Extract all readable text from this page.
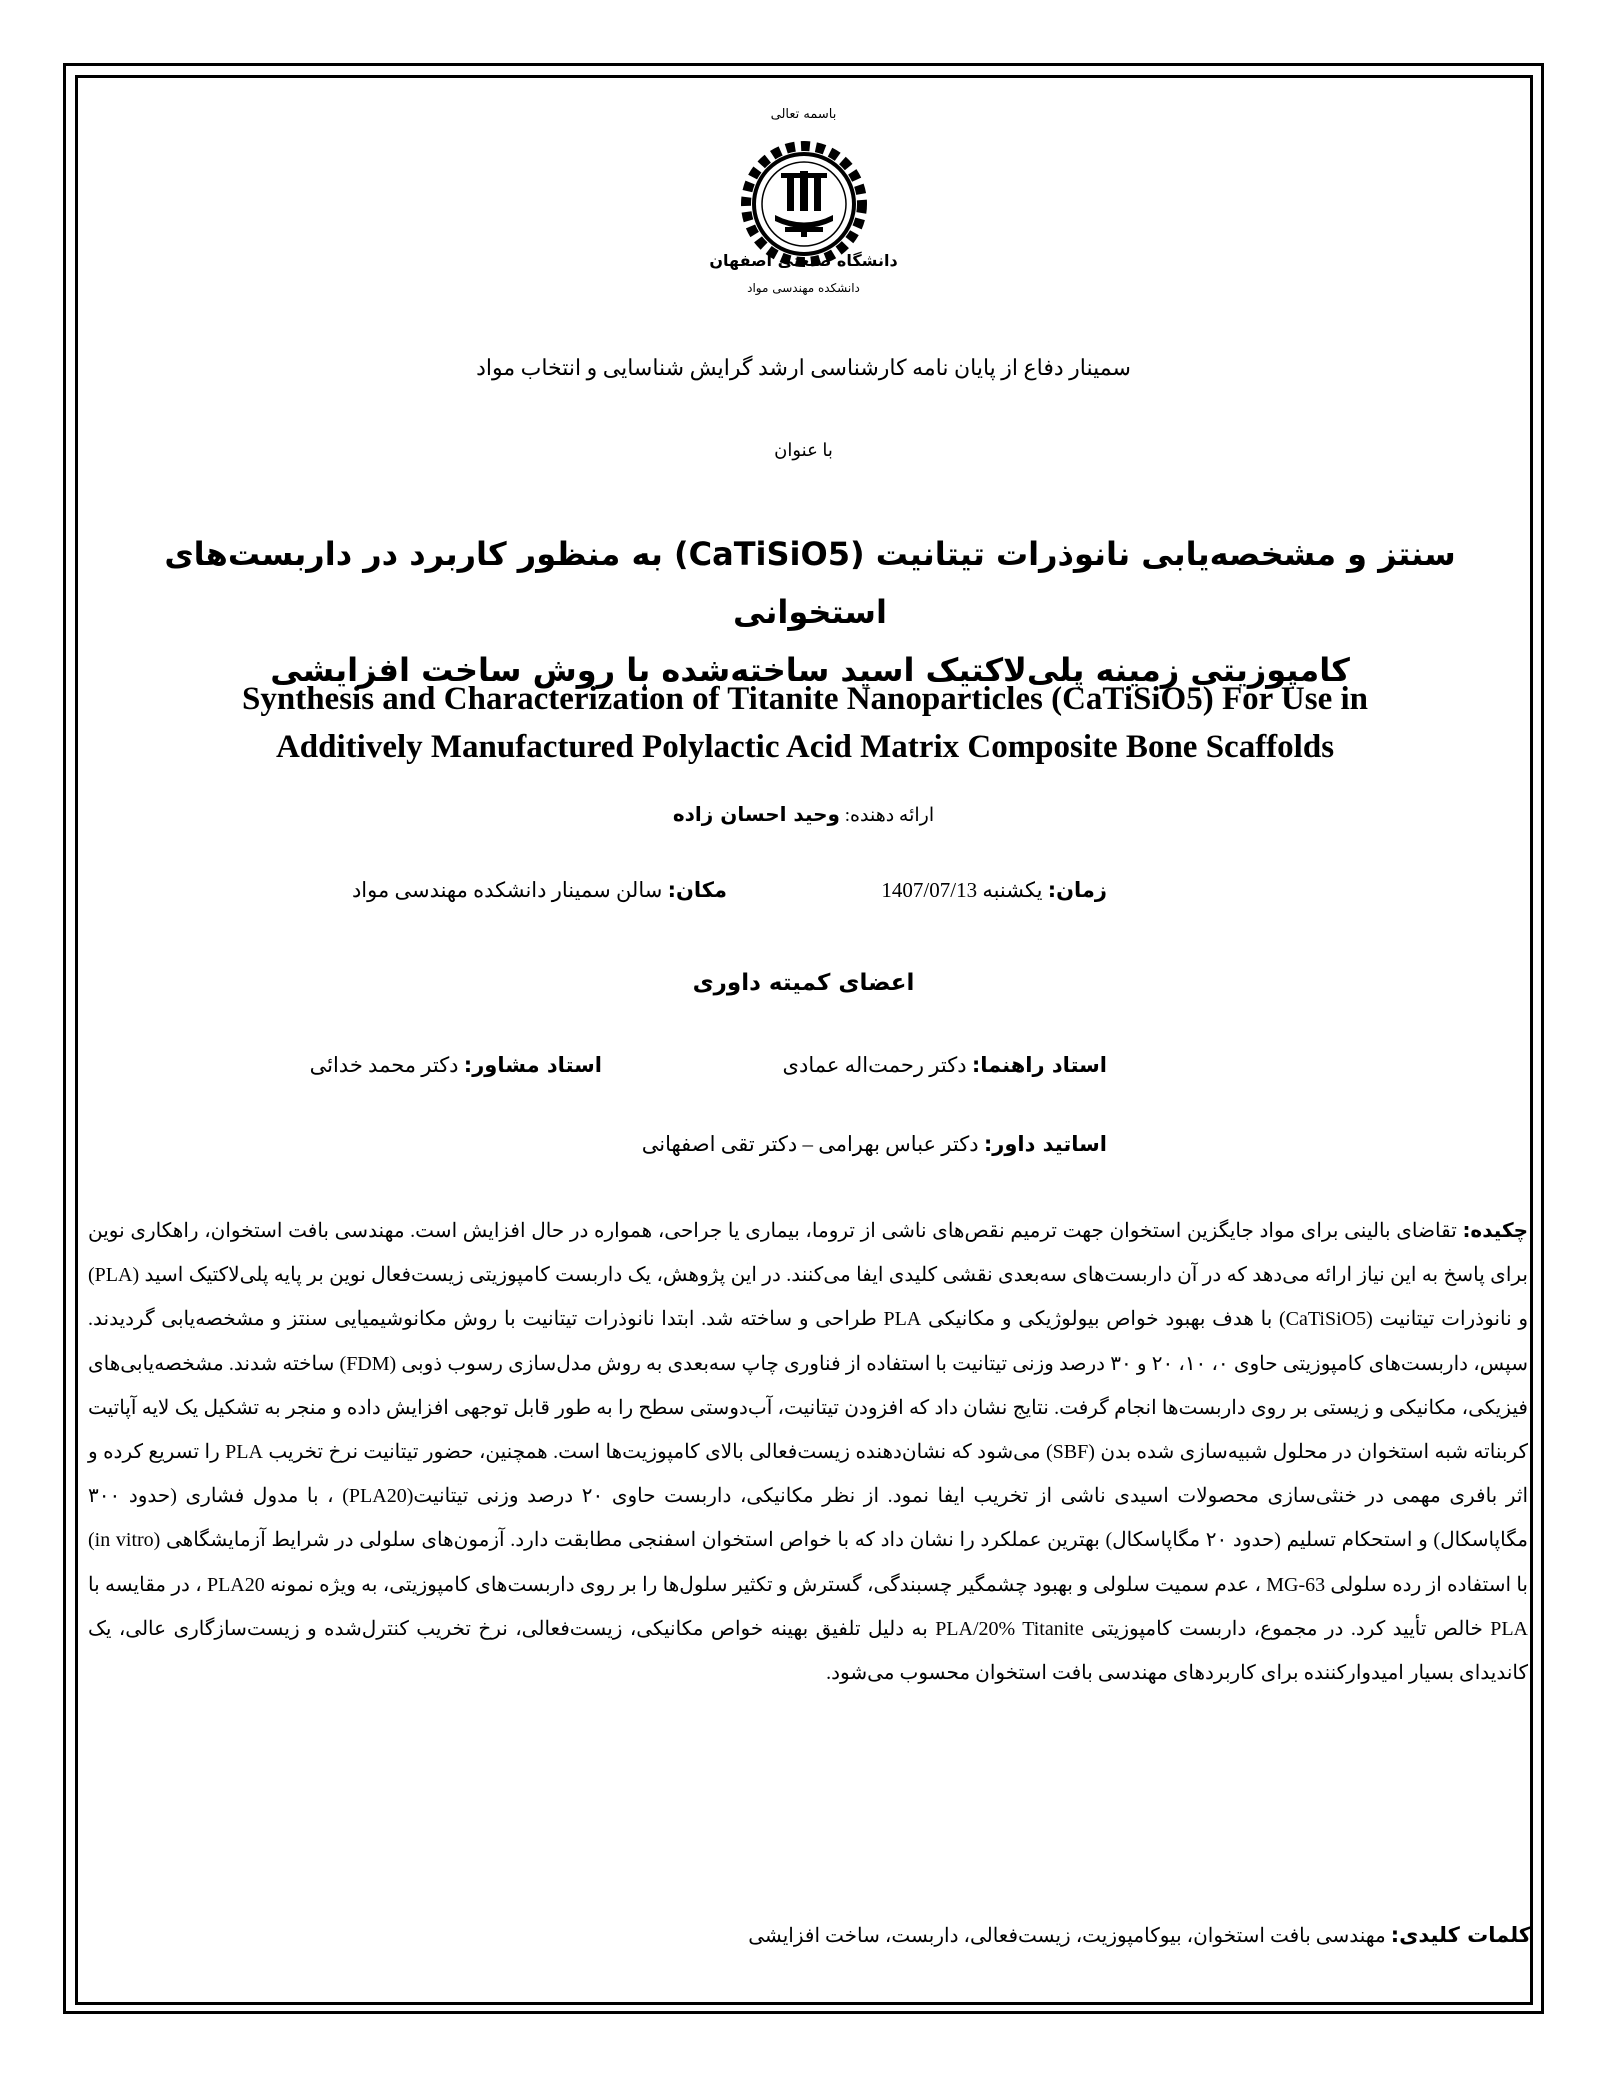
باسمه تعالی
دانشگاه صنعتی اصفهان
دانشکده مهندسی مواد
سمینار دفاع از پایان نامه کارشناسی ارشد گرایش شناسایی و انتخاب مواد
با عنوان
سنتز و مشخصه‌یابی نانوذرات تیتانیت (CaTiSiO5) به منظور کاربرد در داربست‌های استخوانی
کامپوزیتی زمینه پلی‌لاکتیک اسید ساخته‌شده با روش ساخت افزایشی
Synthesis and Characterization of Titanite Nanoparticles (CaTiSiO5) For Use in
Additively Manufactured Polylactic Acid Matrix Composite Bone Scaffolds
ارائه دهنده: وحید احسان زاده
زمان: یکشنبه 1407/07/13
مکان: سالن سمینار دانشکده مهندسی مواد
اعضای کمیته داوری
استاد راهنما: دکتر رحمت‌اله عمادی
استاد مشاور: دکتر محمد خدائی
اساتید داور: دکتر عباس بهرامی – دکتر تقی اصفهانی
چکیده: تقاضای بالینی برای مواد جایگزین استخوان جهت ترمیم نقص‌های ناشی از تروما، بیماری یا جراحی، همواره در حال افزایش است. مهندسی بافت استخوان، راهکاری نوین برای پاسخ به این نیاز ارائه می‌دهد که در آن داربست‌های سه‌بعدی نقشی کلیدی ایفا می‌کنند. در این پژوهش، یک داربست کامپوزیتی زیست‌فعال نوین بر پایه پلی‌لاکتیک اسید (PLA) و نانوذرات تیتانیت (CaTiSiO5) با هدف بهبود خواص بیولوژیکی و مکانیکی PLA طراحی و ساخته شد. ابتدا نانوذرات تیتانیت با روش مکانوشیمیایی سنتز و مشخصه‌یابی گردیدند. سپس، داربست‌های کامپوزیتی حاوی ۰، ۱۰، ۲۰ و ۳۰ درصد وزنی تیتانیت با استفاده از فناوری چاپ سه‌بعدی به روش مدل‌سازی رسوب ذوبی (FDM) ساخته شدند. مشخصه‌یابی‌های فیزیکی، مکانیکی و زیستی بر روی داربست‌ها انجام گرفت. نتایج نشان داد که افزودن تیتانیت، آب‌دوستی سطح را به طور قابل توجهی افزایش داده و منجر به تشکیل یک لایه آپاتیت کربناته شبه استخوان در محلول شبیه‌سازی شده بدن (SBF) می‌شود که نشان‌دهنده زیست‌فعالی بالای کامپوزیت‌ها است. همچنین، حضور تیتانیت نرخ تخریب PLA را تسریع کرده و اثر بافری مهمی در خنثی‌سازی محصولات اسیدی ناشی از تخریب ایفا نمود. از نظر مکانیکی، داربست حاوی ۲۰ درصد وزنی تیتانیت(PLA20) ، با مدول فشاری (حدود ۳۰۰ مگاپاسکال) و استحکام تسلیم (حدود ۲۰ مگاپاسکال) بهترین عملکرد را نشان داد که با خواص استخوان اسفنجی مطابقت دارد. آزمون‌های سلولی در شرایط آزمایشگاهی (in vitro) با استفاده از رده سلولی MG-63 ، عدم سمیت سلولی و بهبود چشمگیر چسبندگی، گسترش و تکثیر سلول‌ها را بر روی داربست‌های کامپوزیتی، به ویژه نمونه PLA20 ، در مقایسه با PLA خالص تأیید کرد. در مجموع، داربست کامپوزیتی PLA/20% Titanite به دلیل تلفیق بهینه خواص مکانیکی، زیست‌فعالی، نرخ تخریب کنترل‌شده و زیست‌سازگاری عالی، یک کاندیدای بسیار امیدوارکننده برای کاربردهای مهندسی بافت استخوان محسوب می‌شود.
کلمات کلیدی: مهندسی بافت استخوان، بیوکامپوزیت، زیست‌فعالی، داربست، ساخت افزایشی
